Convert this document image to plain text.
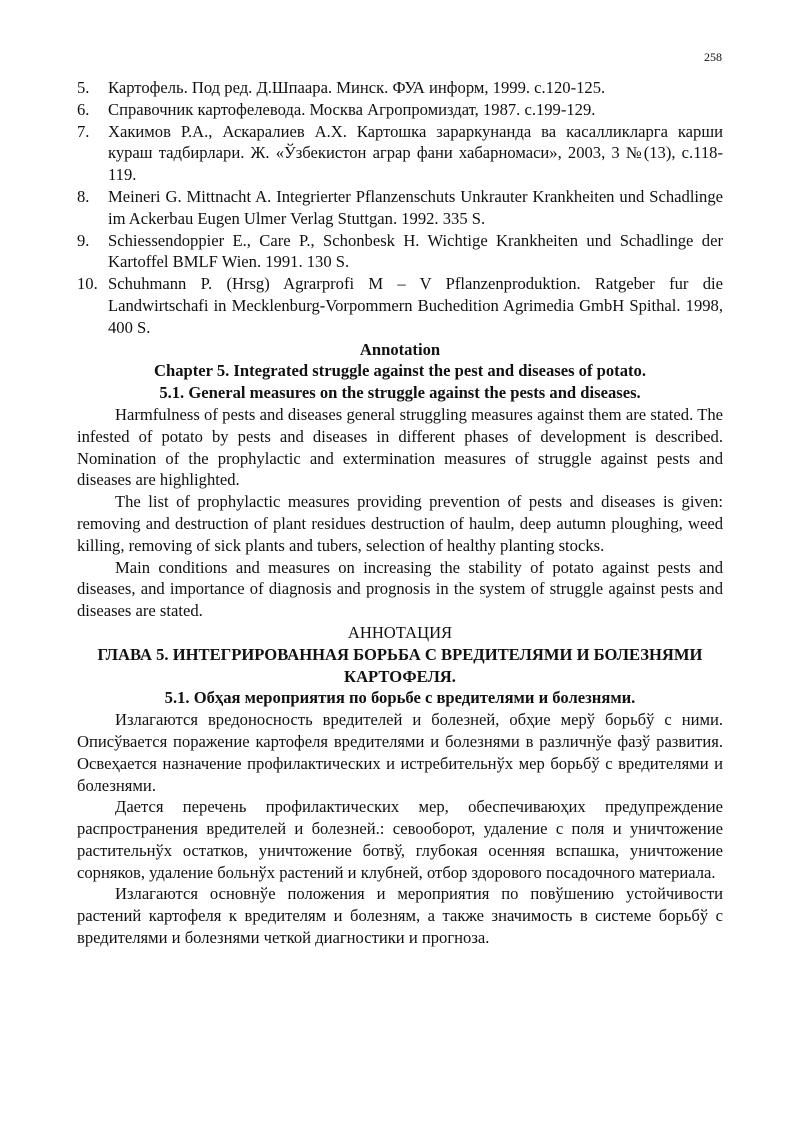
258
5.	Картофель. Под ред. Д.Шпаара. Минск. ФУА информ, 1999. с.120-125.
6.	Справочник картофелевода. Москва Агропромиздат, 1987. с.199-129.
7.	Хакимов Р.А., Аскаралиев А.Х. Картошка зараркунанда ва касалликларга карши кураш тадбирлари. Ж. «Ўзбекистон аграр фани хабарномаси», 2003, 3 №(13), с.118-119.
8.	Meineri G. Mittnacht A. Integrierter Pflanzenschuts Unkrauter Krankheiten und Schadlinge im Ackerbau Eugen Ulmer Verlag Stuttgan. 1992. 335 S.
9.	Schiessendoppier E., Care P., Schonbesk H. Wichtige Krankheiten und Schadlinge der Kartoffel BMLF Wien. 1991. 130 S.
10. Schuhmann P. (Hrsg) Agrarprofi M – V Pflanzenproduktion. Ratgeber fur die Landwirtschafi in Mecklenburg-Vorpommern Buchedition Agrimedia GmbH Spithal. 1998, 400 S.

Annotation

Chapter 5. Integrated struggle against the pest and diseases of potato.

5.1. General measures on the struggle against the pests and diseases.

Harmfulness of pests and diseases general struggling measures against them are stated. The infested of potato by pests and diseases in different phases of development is described. Nomination of the prophylactic and extermination measures of struggle against pests and diseases are highlighted.

The list of prophylactic measures providing prevention of pests and diseases is given: removing and destruction of plant residues destruction of haulm, deep autumn ploughing, weed killing, removing of sick plants and tubers, selection of healthy planting stocks.

Main conditions and measures on increasing the stability of potato against pests and diseases, and importance of diagnosis and prognosis in the system of struggle against pests and diseases are stated.

АННОТАЦИЯ

ГЛАВА 5. ИНТЕГРИРОВАННАЯ БОРЬБА С ВРЕДИТЕЛЯМИ И БОЛЕЗНЯМИ КАРТОФЕЛЯ.

5.1. Обҳая мероприятия по борьбе с вредителями и болезнями.

Излагаются вредоносность вредителей и болезней, обҳие мерў борьбў с ними. Описўвается поражение картофеля вредителями и болезнями в различнўе фазў развития. Освеҳается назначение профилактических и истребительнўх мер борьбў с вредителями и болезнями.

Дается перечень профилактических мер, обеспечиваюҳих предупреждение распространения вредителей и болезней.: севооборот, удаление с поля и уничтожение растительнўх остатков, уничтожение ботвў, глубокая осенняя вспашка, уничтожение сорняков, удаление больнўх растений и клубней, отбор здорового посадочного материала.

Излагаются основнўе положения и мероприятия по повўшению устойчивости растений картофеля к вредителям и болезням, а также значимость в системе борьбў с вредителями и болезнями четкой диагностики и прогноза.
